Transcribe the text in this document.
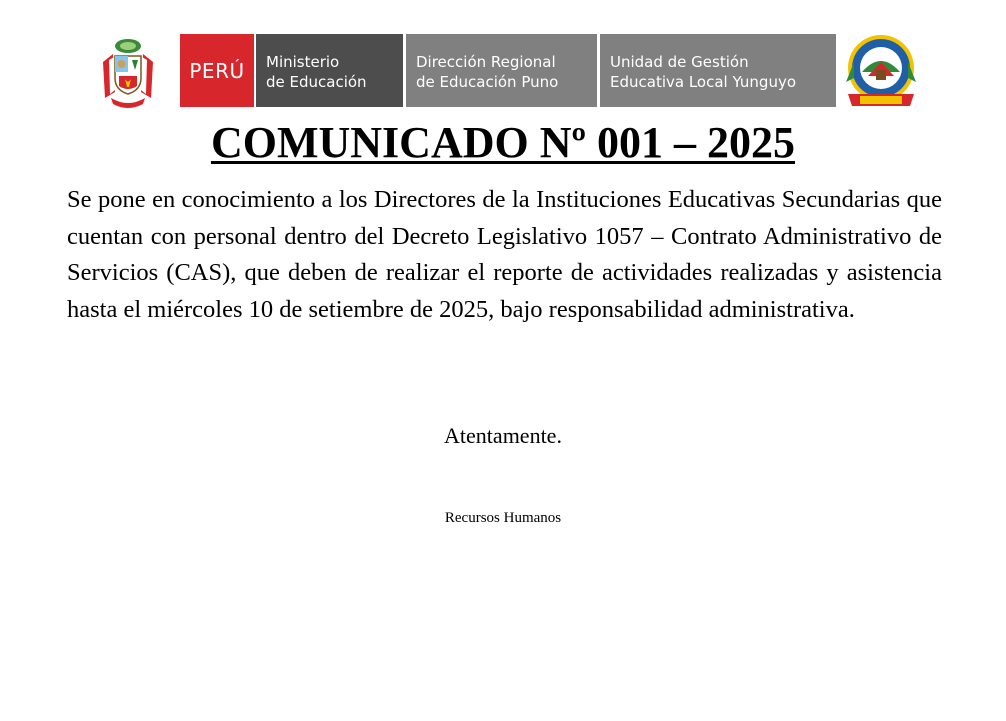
PERÚ	Ministerio
de Educación
Dirección Regional
de Educación Puno
Unidad de Gestión
Educativa Local Yunguyo
COMUNICADO Nº 001 – 2025

Se pone en conocimiento a los Directores de la Instituciones Educativas Secundarias que cuentan con personal dentro del Decreto Legislativo 1057 – Contrato Administrativo de Servicios (CAS), que deben de realizar el reporte de actividades realizadas y asistencia hasta el miércoles 10 de setiembre de 2025, bajo responsabilidad administrativa.

Atentamente.
Recursos Humanos
